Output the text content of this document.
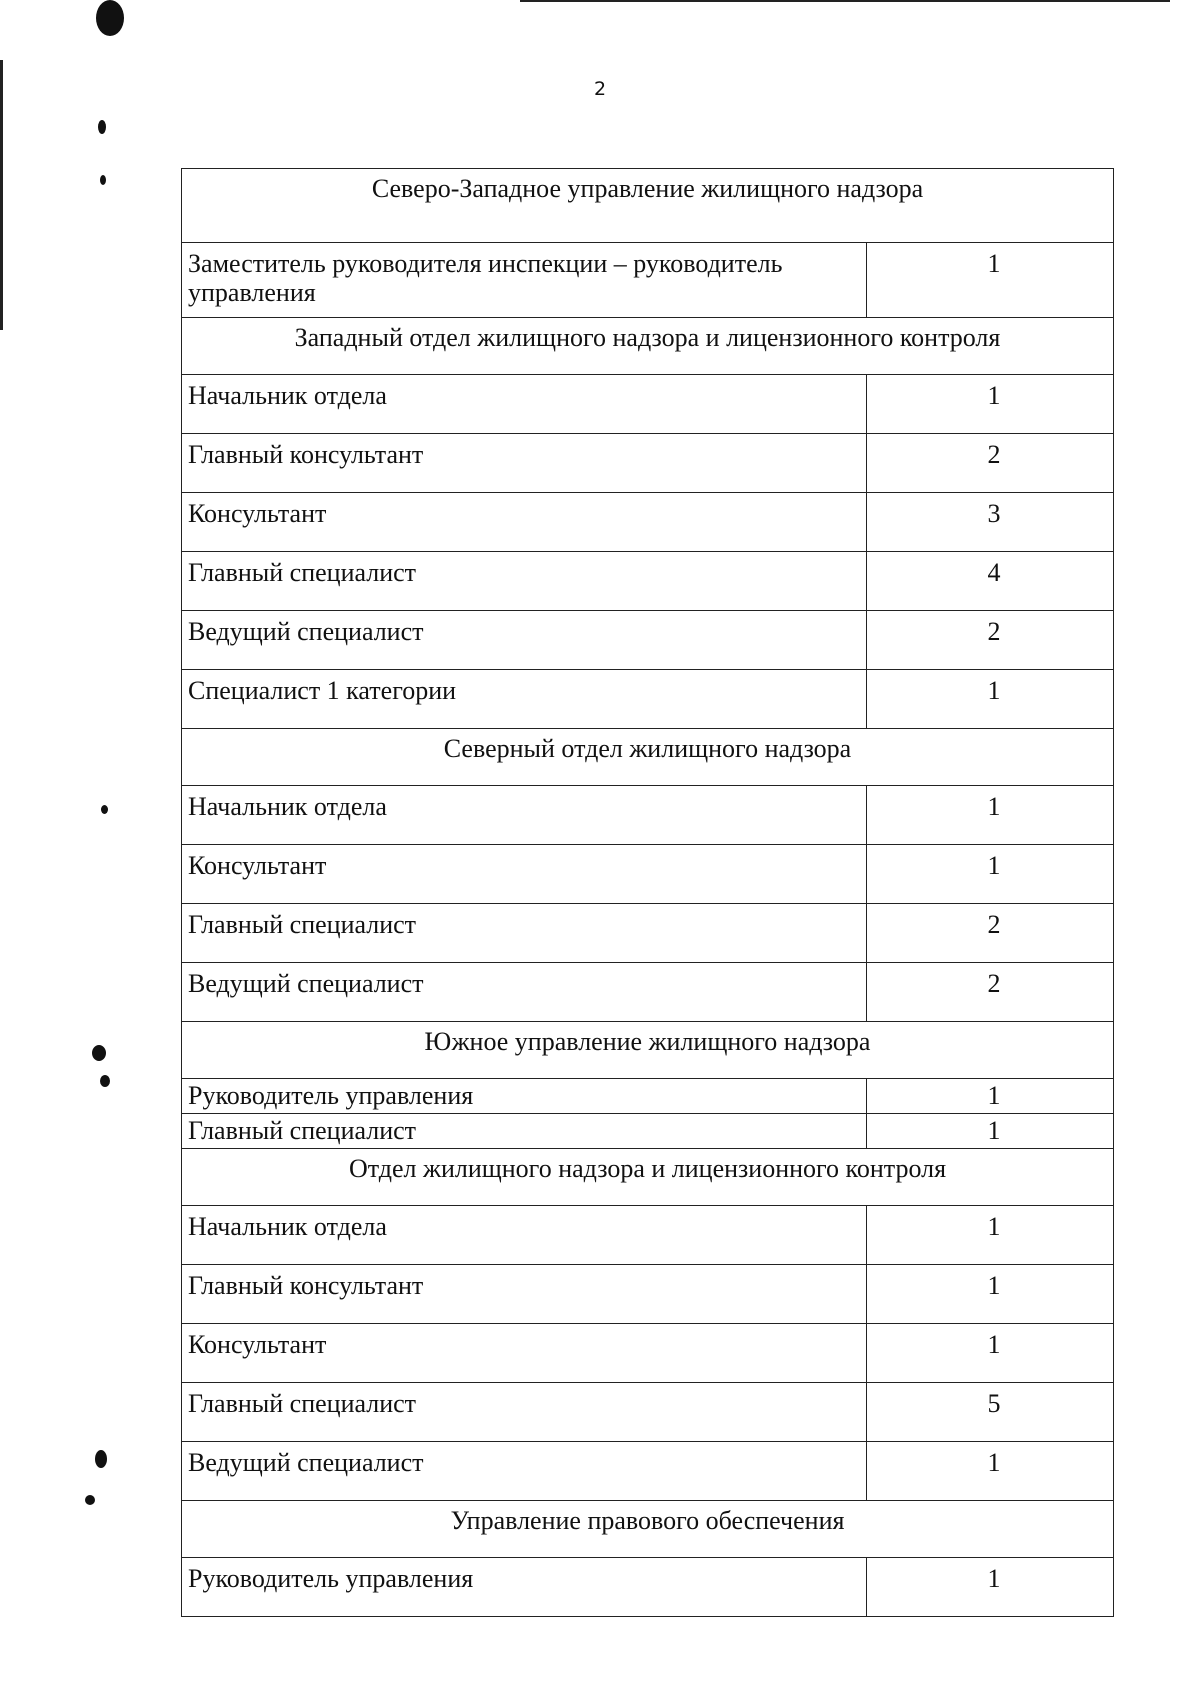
2
Северо-Западное управление жилищного надзора	
Заместитель руководителя инспекции – руководитель управления	1
Западный отдел жилищного надзора и лицензионного контроля	
Начальник отдела	1
Главный консультант	2
Консультант	3
Главный специалист	4
Ведущий специалист	2
Специалист 1 категории	1
Северный отдел жилищного надзора	
Начальник отдела	1
Консультант	1
Главный специалист	2
Ведущий специалист	2
Южное управление жилищного надзора	
Руководитель управления	1
Главный специалист	1
Отдел жилищного надзора и лицензионного контроля	
Начальник отдела	1
Главный консультант	1
Консультант	1
Главный специалист	5
Ведущий специалист	1
Управление правового обеспечения	
Руководитель управления	1
